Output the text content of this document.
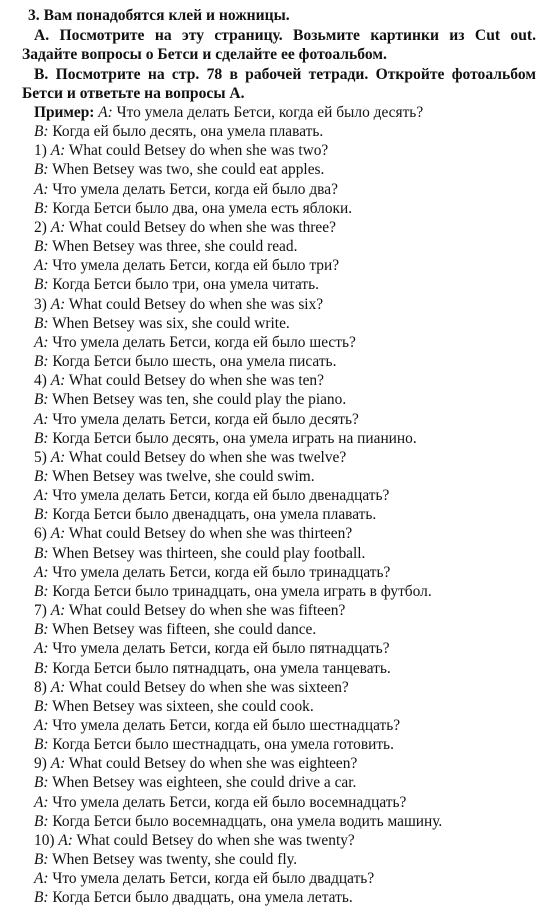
3. Вам понадобятся клей и ножницы.
A. Посмотрите на эту страницу. Возьмите картинки из Cut out. Задайте вопросы о Бетси и сделайте ее фотоальбом.
B. Посмотрите на стр. 78 в рабочей тетради. Откройте фотоальбом Бетси и ответьте на вопросы A.
Пример: A: Что умела делать Бетси, когда ей было десять?
B: Когда ей было десять, она умела плавать.
1) A: What could Betsey do when she was two?
B: When Betsey was two, she could eat apples.
A: Что умела делать Бетси, когда ей было два?
B: Когда Бетси было два, она умела есть яблоки.
2) A: What could Betsey do when she was three?
B: When Betsey was three, she could read.
A: Что умела делать Бетси, когда ей было три?
B: Когда Бетси было три, она умела читать.
3) A: What could Betsey do when she was six?
B: When Betsey was six, she could write.
A: Что умела делать Бетси, когда ей было шесть?
B: Когда Бетси было шесть, она умела писать.
4) A: What could Betsey do when she was ten?
B: When Betsey was ten, she could play the piano.
A: Что умела делать Бетси, когда ей было десять?
B: Когда Бетси было десять, она умела играть на пианино.
5) A: What could Betsey do when she was twelve?
B: When Betsey was twelve, she could swim.
A: Что умела делать Бетси, когда ей было двенадцать?
B: Когда Бетси было двенадцать, она умела плавать.
6) A: What could Betsey do when she was thirteen?
B: When Betsey was thirteen, she could play football.
A: Что умела делать Бетси, когда ей было тринадцать?
B: Когда Бетси было тринадцать, она умела играть в футбол.
7) A: What could Betsey do when she was fifteen?
B: When Betsey was fifteen, she could dance.
A: Что умела делать Бетси, когда ей было пятнадцать?
B: Когда Бетси было пятнадцать, она умела танцевать.
8) A: What could Betsey do when she was sixteen?
B: When Betsey was sixteen, she could cook.
A: Что умела делать Бетси, когда ей было шестнадцать?
B: Когда Бетси было шестнадцать, она умела готовить.
9) A: What could Betsey do when she was eighteen?
B: When Betsey was eighteen, she could drive a car.
A: Что умела делать Бетси, когда ей было восемнадцать?
B: Когда Бетси было восемнадцать, она умела водить машину.
10) A: What could Betsey do when she was twenty?
B: When Betsey was twenty, she could fly.
A: Что умела делать Бетси, когда ей было двадцать?
B: Когда Бетси было двадцать, она умела летать.
